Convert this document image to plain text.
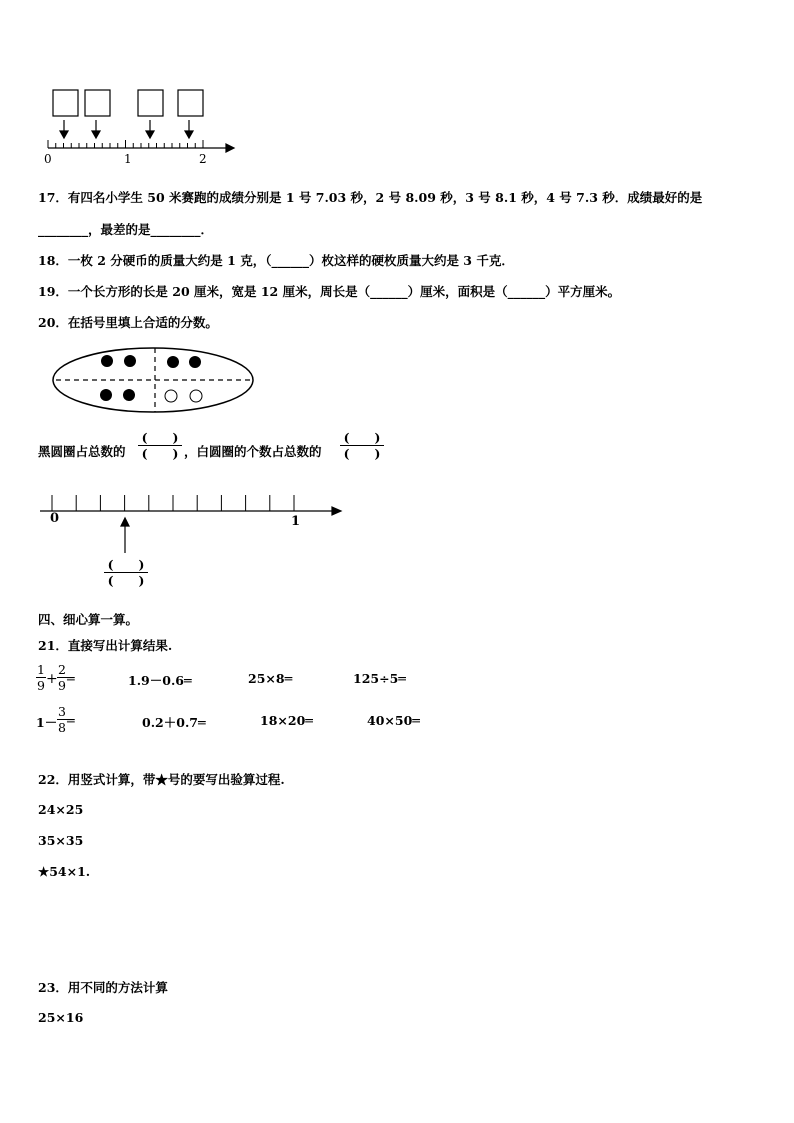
0	1	2
17．有四名小学生 50 米赛跑的成绩分别是 1 号 7.03 秒，2 号 8.09 秒，3 号 8.1 秒，4 号 7.3 秒．成绩最好的是
________，最差的是________．
18．一枚 2 分硬币的质量大约是 1 克，（______）枚这样的硬枚质量大约是 3 千克．
19．一个长方形的长是 20 厘米，宽是 12 厘米，周长是（______）厘米，面积是（______）平方厘米。
20．在括号里填上合适的分数。
黑圆圈占总数的
(　　)
(　　) ，白圆圈的个数占总数的
(　　)
(　　)
0	1
(　　)
(　　)
四、细心算一算。
21．直接写出计算结果.
1
9 +
2
9 ═	1.9－0.6═	25×8═	125÷5═
1－
3
8 ═	0.2＋0.7═	18×20═	40×50═
22．用竖式计算，带★号的要写出验算过程.
24×25
35×35
★54×1.
23．用不同的方法计算
25×16
